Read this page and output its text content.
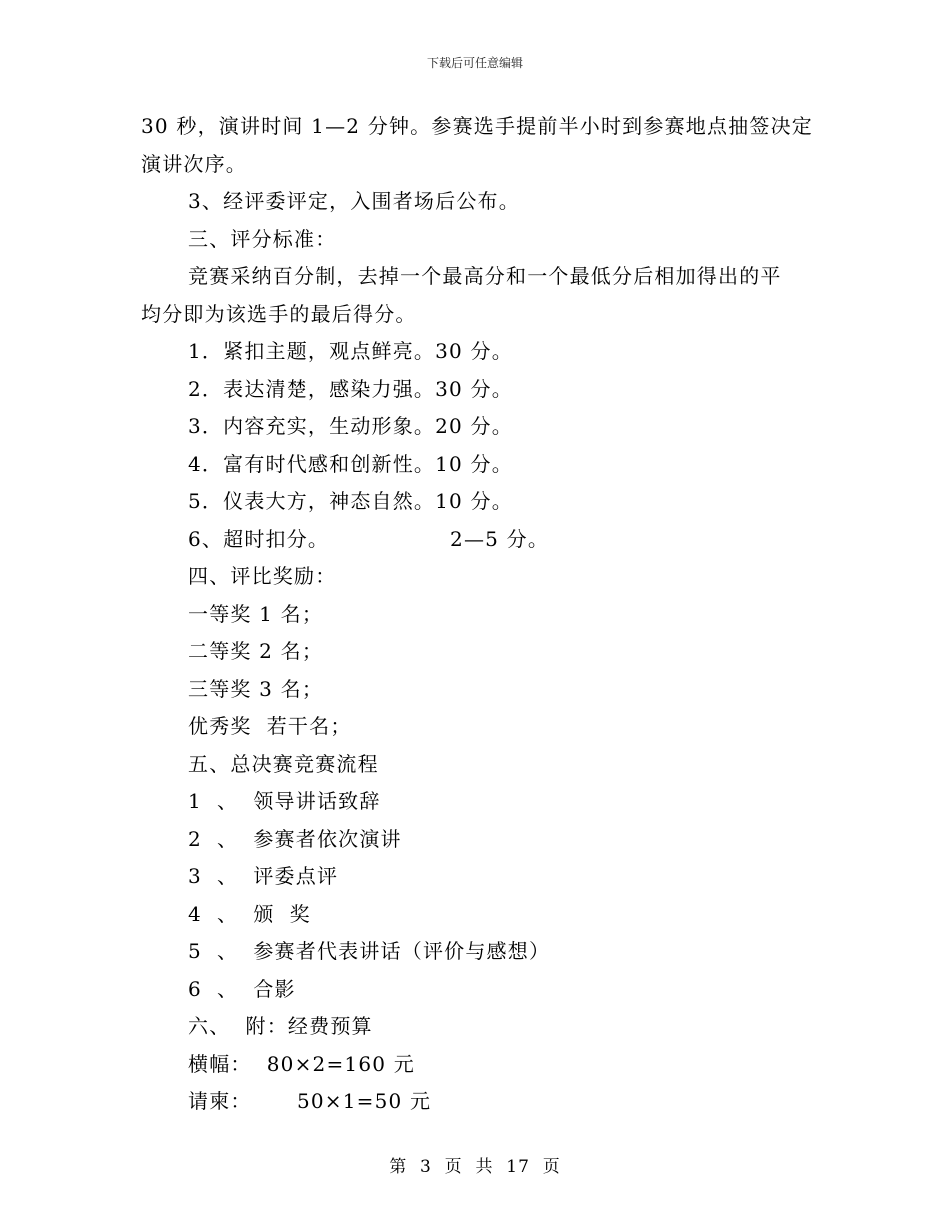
下载后可任意编辑
30 秒，演讲时间 1—2 分钟。参赛选手提前半小时到参赛地点抽签决定
演讲次序。
3、经评委评定，入围者场后公布。
三、评分标准：
竞赛采纳百分制，去掉一个最高分和一个最低分后相加得出的平
均分即为该选手的最后得分。
1．紧扣主题，观点鲜亮。30 分。
2．表达清楚，感染力强。30 分。
3．内容充实，生动形象。20 分。
4．富有时代感和创新性。10 分。
5．仪表大方，神态自然。10 分。
6、超时扣分。                2—5 分。
四、评比奖励：
一等奖 1 名；
二等奖 2 名；
三等奖 3 名；
优秀奖  若干名；
五、总决赛竞赛流程
1  、  领导讲话致辞
2  、  参赛者依次演讲
3  、  评委点评
4  、  颁  奖
5  、  参赛者代表讲话（评价与感想）
6  、  合影
六、  附：经费预算
横幅：  80×2=160 元
请柬：      50×1=50 元
第  3  页  共  17  页
